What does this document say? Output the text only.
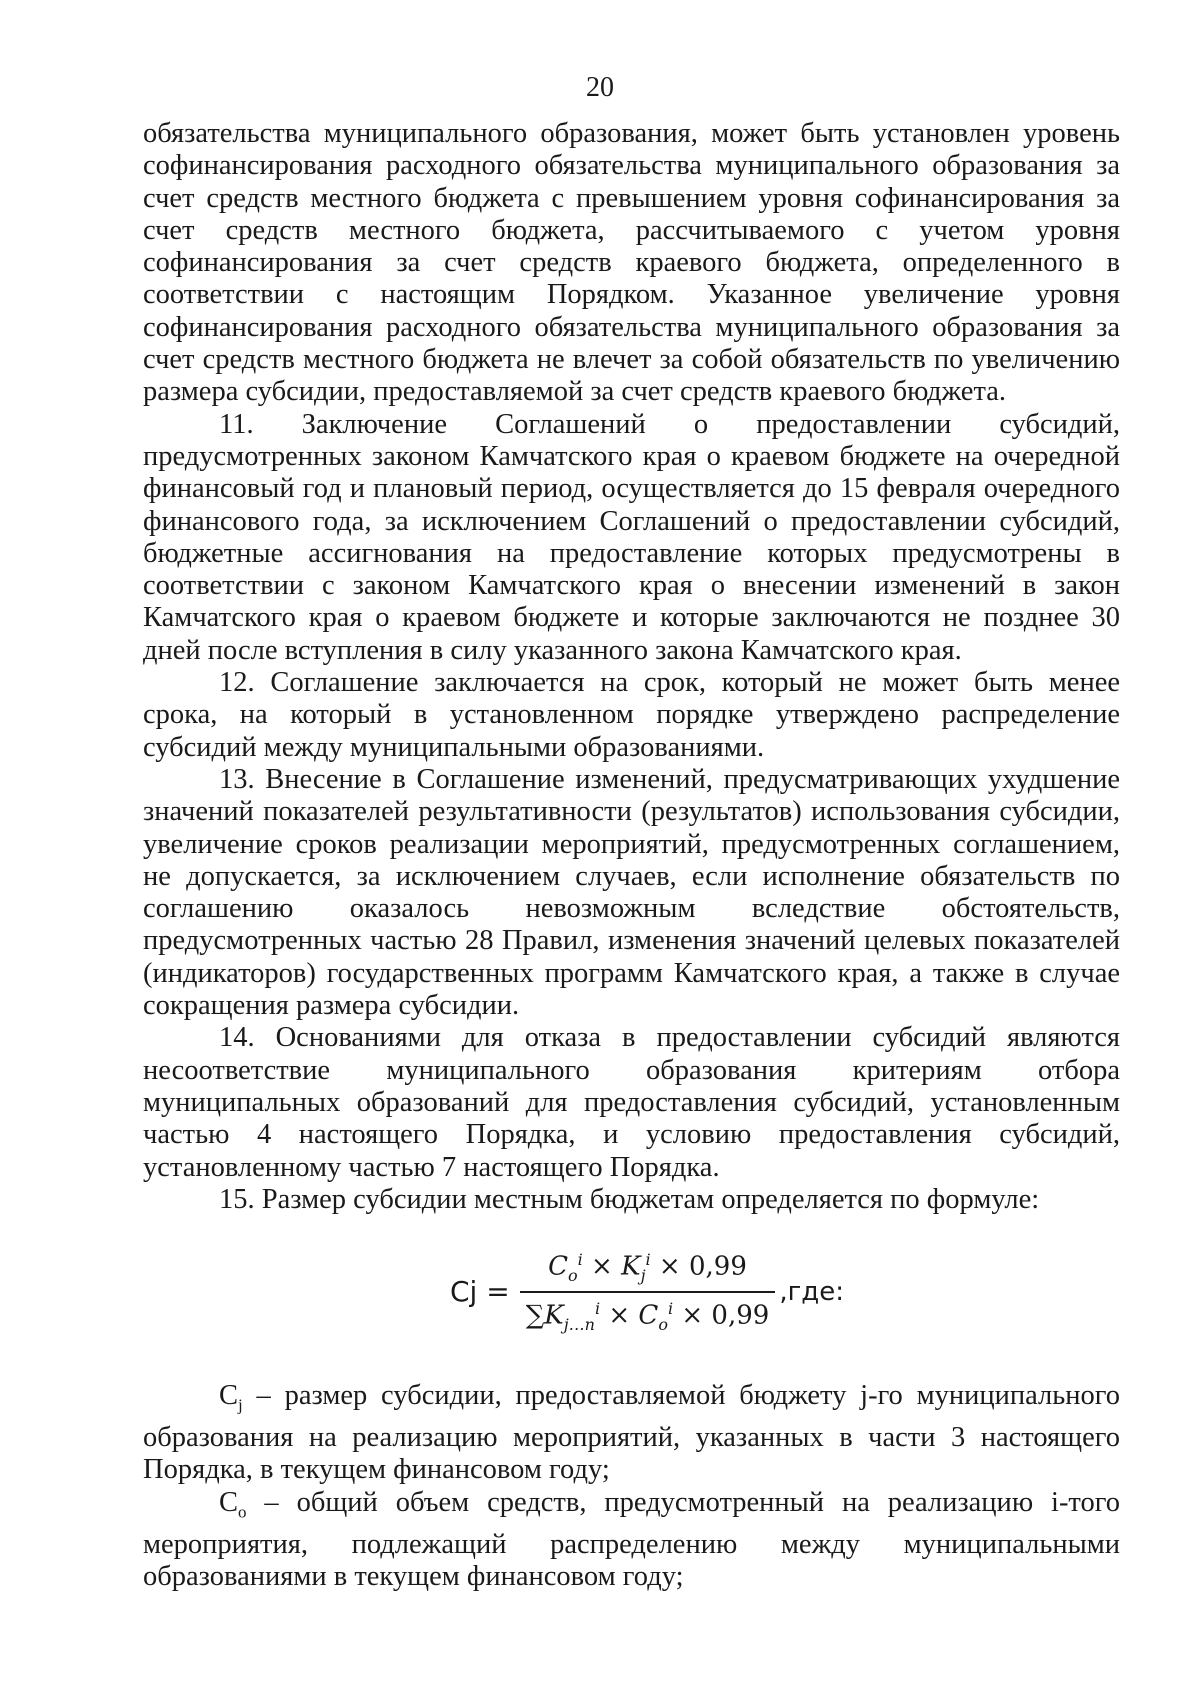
20

обязательства муниципального образования, может быть установлен уровень софинансирования расходного обязательства муниципального образования за счет средств местного бюджета с превышением уровня софинансирования за счет средств местного бюджета, рассчитываемого с учетом уровня софинансирования за счет средств краевого бюджета, определенного в соответствии с настоящим Порядком. Указанное увеличение уровня софинансирования расходного обязательства муниципального образования за счет средств местного бюджета не влечет за собой обязательств по увеличению размера субсидии, предоставляемой за счет средств краевого бюджета.

11. Заключение Соглашений о предоставлении субсидий, предусмотренных законом Камчатского края о краевом бюджете на очередной финансовый год и плановый период, осуществляется до 15 февраля очередного финансового года, за исключением Соглашений о предоставлении субсидий, бюджетные ассигнования на предоставление которых предусмотрены в соответствии с законом Камчатского края о внесении изменений в закон Камчатского края о краевом бюджете и которые заключаются не позднее 30 дней после вступления в силу указанного закона Камчатского края.

12. Соглашение заключается на срок, который не может быть менее срока, на который в установленном порядке утверждено распределение субсидий между муниципальными образованиями.

13. Внесение в Соглашение изменений, предусматривающих ухудшение значений показателей результативности (результатов) использования субсидии, увеличение сроков реализации мероприятий, предусмотренных соглашением, не допускается, за исключением случаев, если исполнение обязательств по соглашению оказалось невозможным вследствие обстоятельств, предусмотренных частью 28 Правил, изменения значений целевых показателей (индикаторов) государственных программ Камчатского края, а также в случае сокращения размера субсидии.

14. Основаниями для отказа в предоставлении субсидий являются несоответствие муниципального образования критериям отбора муниципальных образований для предоставления субсидий, установленным частью 4 настоящего Порядка, и условию предоставления субсидий, установленному частью 7 настоящего Порядка.

15. Размер субсидии местным бюджетам определяется по формуле:

$Cj = \frac{C_o^i \times K_j^i \times 0,99}{\sum K_{j\dots n}^i \times C_o^i \times 0,99} ,где$:

$C_j$ – размер субсидии, предоставляемой бюджету j-го муниципального образования на реализацию мероприятий, указанных в части 3 настоящего Порядка, в текущем финансовом году;

$C_o$ – общий объем средств, предусмотренный на реализацию i-того мероприятия, подлежащий распределению между муниципальными образованиями в текущем финансовом году;
